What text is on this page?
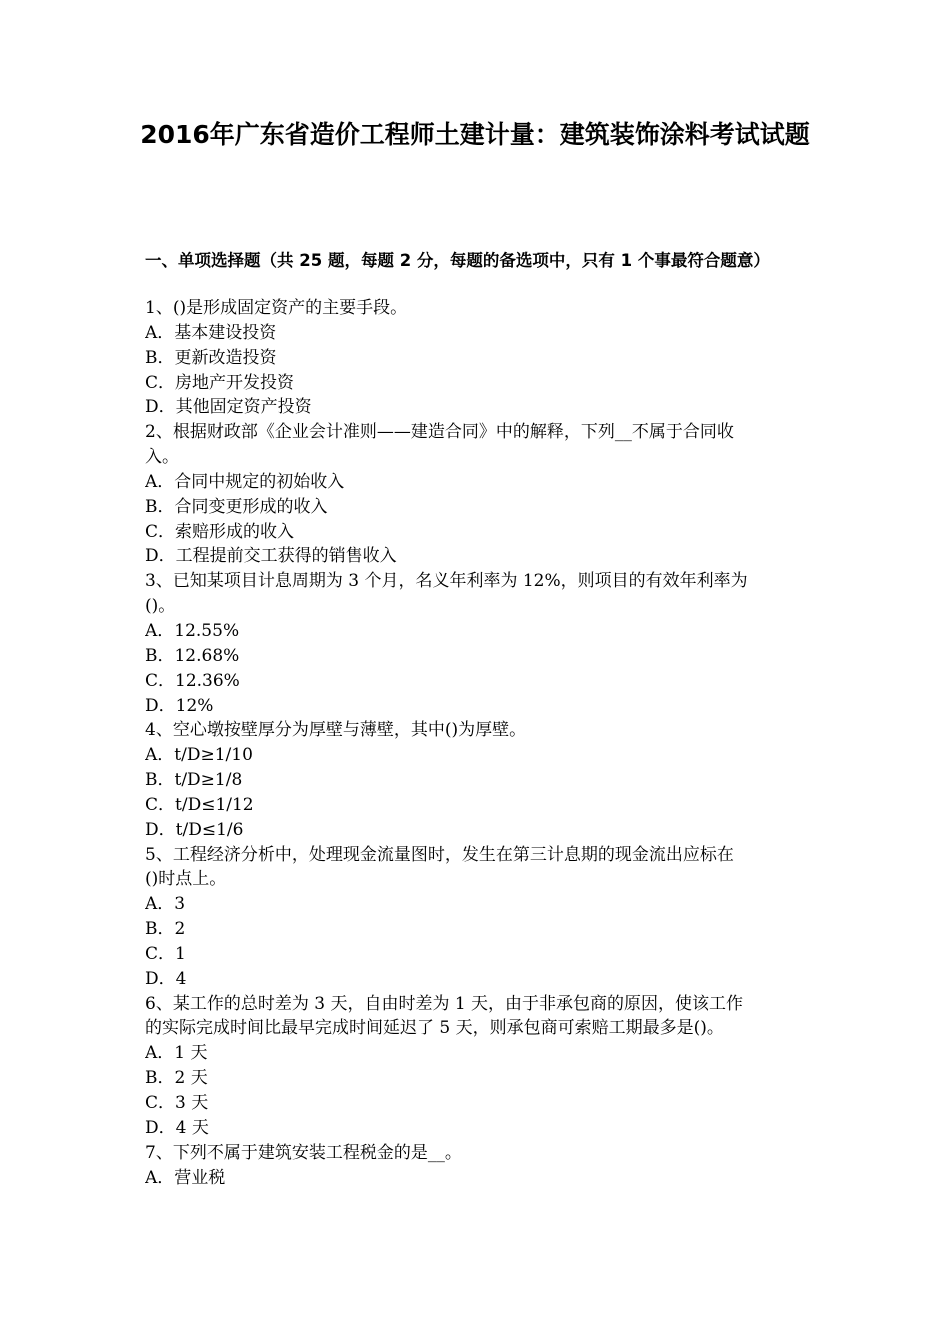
2016年广东省造价工程师土建计量：建筑装饰涂料考试试题
一、单项选择题（共 25 题，每题 2 分，每题的备选项中，只有 1 个事最符合题意）
1、()是形成固定资产的主要手段。
A．基本建设投资
B．更新改造投资
C．房地产开发投资
D．其他固定资产投资
2、根据财政部《企业会计准则——建造合同》中的解释，下列__不属于合同收
入。
A．合同中规定的初始收入
B．合同变更形成的收入
C．索赔形成的收入
D．工程提前交工获得的销售收入
3、已知某项目计息周期为 3 个月，名义年利率为 12%，则项目的有效年利率为
()。
A．12.55%
B．12.68%
C．12.36%
D．12%
4、空心墩按壁厚分为厚壁与薄壁，其中()为厚壁。
A．t/D≥1/10
B．t/D≥1/8
C．t/D≤1/12
D．t/D≤1/6
5、工程经济分析中，处理现金流量图时，发生在第三计息期的现金流出应标在
()时点上。
A．3
B．2
C．1
D．4
6、某工作的总时差为 3 天，自由时差为 1 天，由于非承包商的原因，使该工作
的实际完成时间比最早完成时间延迟了 5 天，则承包商可索赔工期最多是()。
A．1 天
B．2 天
C．3 天
D．4 天
7、下列不属于建筑安装工程税金的是__。
A．营业税
